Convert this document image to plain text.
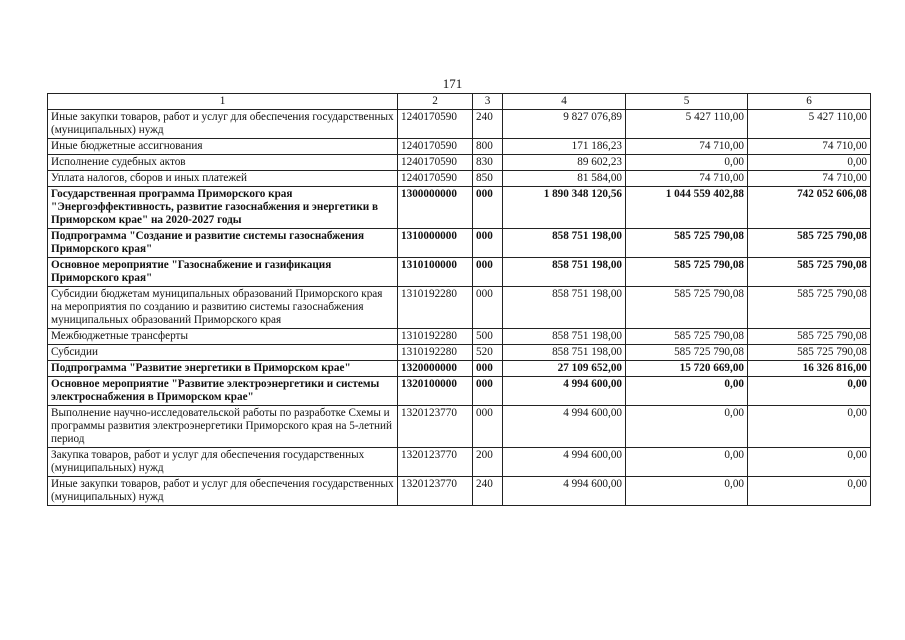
171
1	2	3	4	5	6
Иные закупки товаров, работ и услуг для обеспечения государственных (муниципальных) нужд	1240170590	240	9 827 076,89	5 427 110,00	5 427 110,00
Иные бюджетные ассигнования	1240170590	800	171 186,23	74 710,00	74 710,00
Исполнение судебных актов	1240170590	830	89 602,23	0,00	0,00
Уплата налогов, сборов и иных платежей	1240170590	850	81 584,00	74 710,00	74 710,00
Государственная программа Приморского края "Энергоэффективность, развитие газоснабжения и энергетики в Приморском крае" на 2020-2027 годы	1300000000	000	1 890 348 120,56	1 044 559 402,88	742 052 606,08
Подпрограмма "Создание и развитие системы газоснабжения Приморского края"	1310000000	000	858 751 198,00	585 725 790,08	585 725 790,08
Основное мероприятие "Газоснабжение и газификация Приморского края"	1310100000	000	858 751 198,00	585 725 790,08	585 725 790,08
Субсидии бюджетам муниципальных образований Приморского края на мероприятия по созданию и развитию системы газоснабжения муниципальных образований Приморского края	1310192280	000	858 751 198,00	585 725 790,08	585 725 790,08
Межбюджетные трансферты	1310192280	500	858 751 198,00	585 725 790,08	585 725 790,08
Субсидии	1310192280	520	858 751 198,00	585 725 790,08	585 725 790,08
Подпрограмма "Развитие энергетики в Приморском крае"	1320000000	000	27 109 652,00	15 720 669,00	16 326 816,00
Основное мероприятие "Развитие электроэнергетики и системы электроснабжения в Приморском крае"	1320100000	000	4 994 600,00	0,00	0,00
Выполнение научно-исследовательской работы по разработке Схемы и программы развития электроэнергетики Приморского края на 5-летний период	1320123770	000	4 994 600,00	0,00	0,00
Закупка товаров, работ и услуг для обеспечения государственных (муниципальных) нужд	1320123770	200	4 994 600,00	0,00	0,00
Иные закупки товаров, работ и услуг для обеспечения государственных (муниципальных) нужд	1320123770	240	4 994 600,00	0,00	0,00
